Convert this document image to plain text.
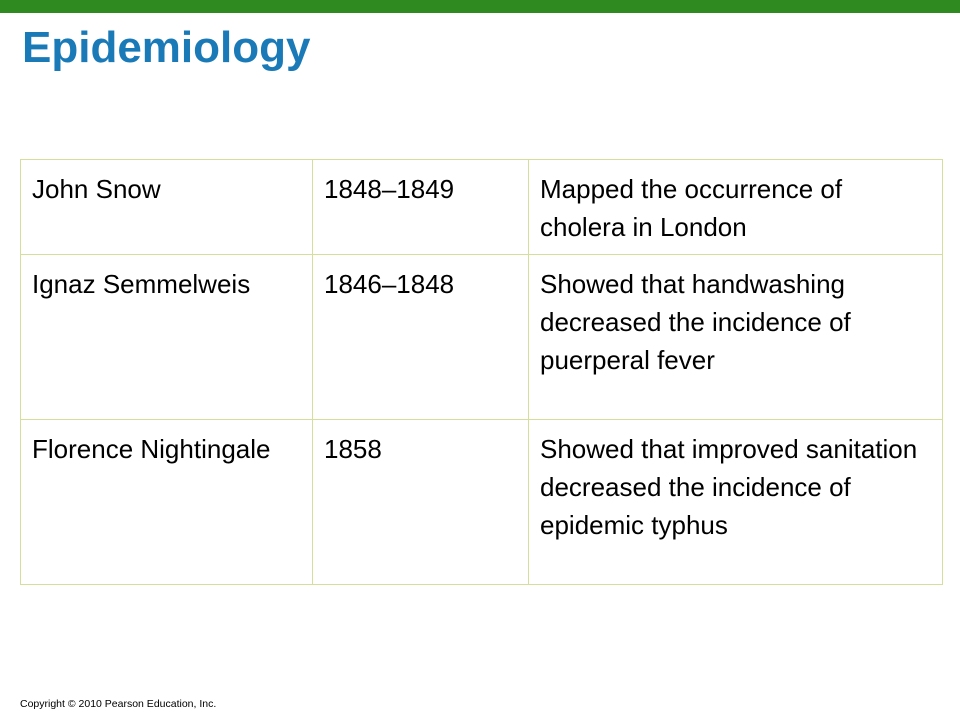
Epidemiology
John Snow	1848–1849	Mapped the occurrence of cholera in London
Ignaz Semmelweis	1846–1848	Showed that handwashing decreased the incidence of puerperal fever
Florence Nightingale	1858	Showed that improved sanitation decreased the incidence of epidemic typhus
Copyright © 2010 Pearson Education, Inc.
